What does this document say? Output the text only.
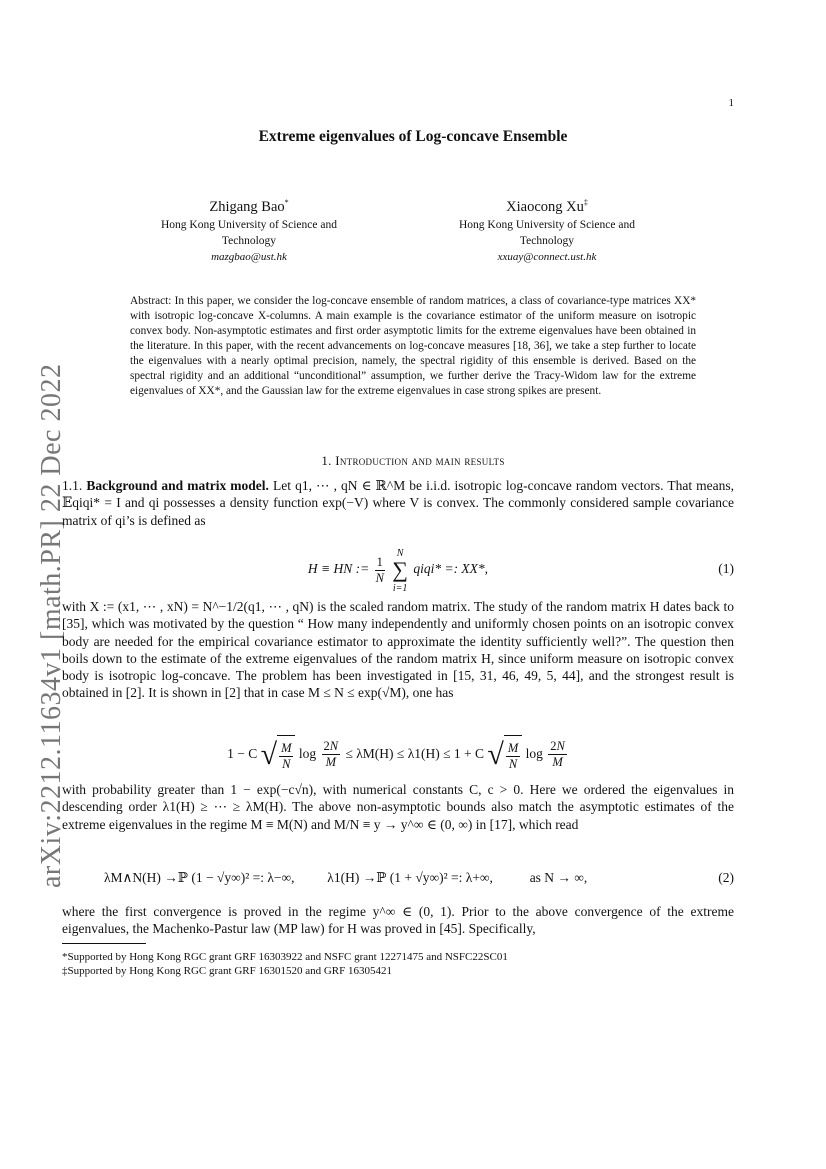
1
arXiv:2212.11634v1 [math.PR] 22 Dec 2022
Extreme eigenvalues of Log-concave Ensemble
Zhigang Bao*
Hong Kong University of Science and Technology
mazgbao@ust.hk
Xiaocong Xu‡
Hong Kong University of Science and Technology
xxuay@connect.ust.hk
Abstract: In this paper, we consider the log-concave ensemble of random matrices, a class of covariance-type matrices XX* with isotropic log-concave X-columns. A main example is the covariance estimator of the uniform measure on isotropic convex body. Non-asymptotic estimates and first order asymptotic limits for the extreme eigenvalues have been obtained in the literature. In this paper, with the recent advancements on log-concave measures [18, 36], we take a step further to locate the eigenvalues with a nearly optimal precision, namely, the spectral rigidity of this ensemble is derived. Based on the spectral rigidity and an additional “unconditional” assumption, we further derive the Tracy-Widom law for the extreme eigenvalues of XX*, and the Gaussian law for the extreme eigenvalues in case strong spikes are present.
1. Introduction and main results
1.1. Background and matrix model. Let q1, ⋯ , qN ∈ ℝ^M be i.i.d. isotropic log-concave random vectors. That means, 𝔼qiqi* = I and qi possesses a density function exp(−V) where V is convex. The commonly considered sample covariance matrix of qi’s is defined as
H ≡ HN := $\frac{1}{N}$
N
∑
i=1 qiqi* =: XX*,	(1)
with X := (x1, ⋯ , xN) = N^−1/2(q1, ⋯ , qN) is the scaled random matrix. The study of the random matrix H dates back to [35], which was motivated by the question “ How many independently and uniformly chosen points on an isotropic convex body are needed for the empirical covariance estimator to approximate the identity sufficiently well?”. The question then boils down to the estimate of the extreme eigenvalues of the random matrix H, since uniform measure on isotropic convex body is isotropic log-concave. The problem has been investigated in [15, 31, 46, 49, 5, 44], and the strongest result is obtained in [2]. It is shown in [2] that in case M ≤ N ≤ exp(√M), one has
1 − C √ $\frac{M}{N}$ $\log \frac{2N}{M} \le \lambda M(H) \le \lambda 1(H) \le 1 + C$ √ $\frac{M}{N}$ $\log \frac{2N}{M}$
with probability greater than 1 − exp(−c√n), with numerical constants C, c > 0. Here we ordered the eigenvalues in descending order λ1(H) ≥ ⋯ ≥ λM(H). The above non-asymptotic bounds also match the asymptotic estimates of the extreme eigenvalues in the regime M ≡ M(N) and M/N ≡ y → y^∞ ∈ (0, ∞) in [17], which read
λM∧N(H) →ℙ (1 − √y∞)² =: λ−∞, λ1(H) →ℙ (1 + √y∞)² =: λ+∞,	as N → ∞,	(2)
where the first convergence is proved in the regime y^∞ ∈ (0, 1). Prior to the above convergence of the extreme eigenvalues, the Machenko-Pastur law (MP law) for H was proved in [45]. Specifically,
*Supported by Hong Kong RGC grant GRF 16303922 and NSFC grant 12271475 and NSFC22SC01
‡Supported by Hong Kong RGC grant GRF 16301520 and GRF 16305421
